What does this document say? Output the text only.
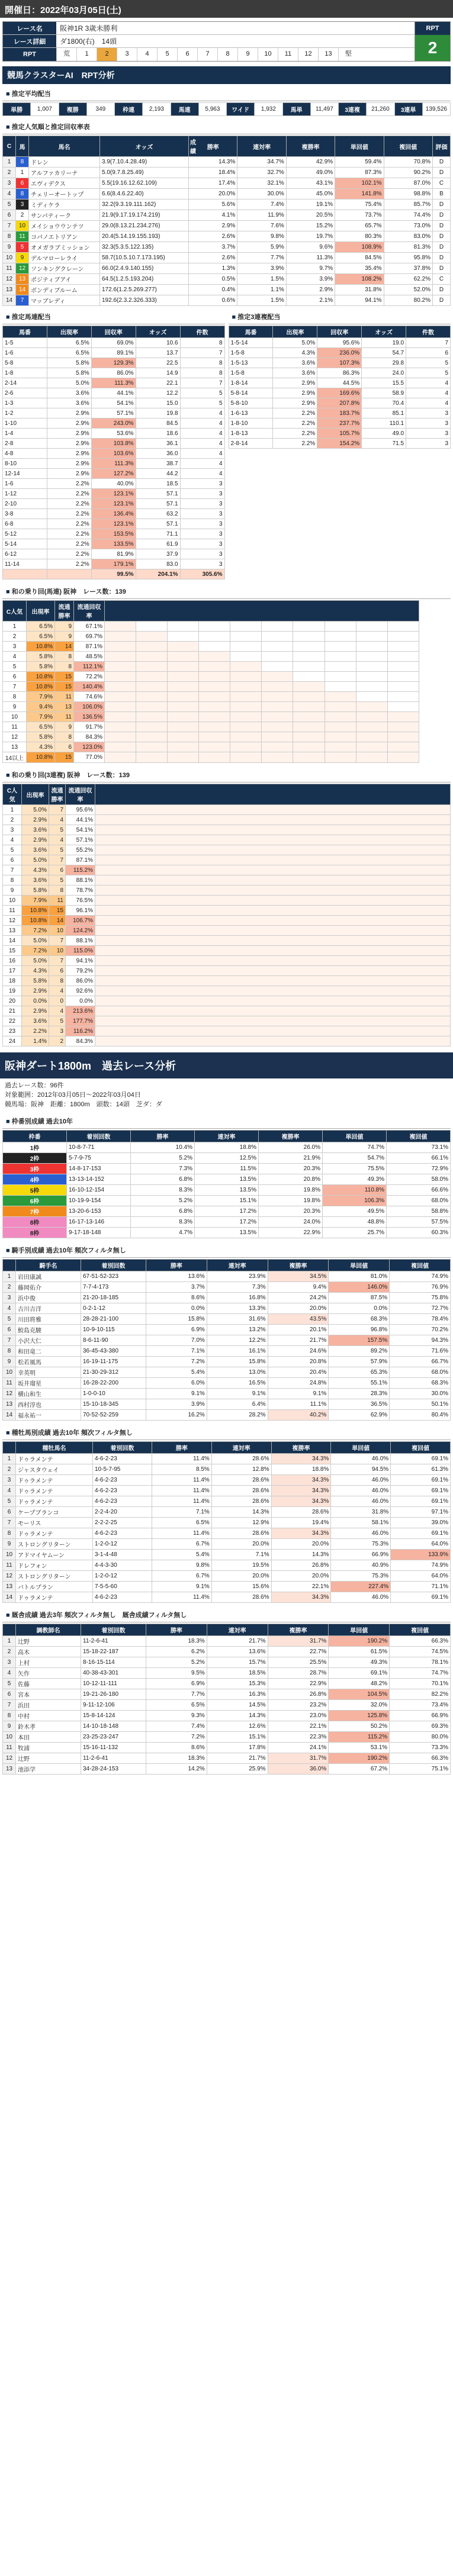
開催日：2022年03月05日(土)
レース名	阪神1R 3歳未勝利
レース詳細	ダ1800(右)　14頭
RPT	荒	1	2	3	4	5	6	7	8	9	10	11	12	13	堅
RPT
2
競馬クラスターAI　RPT分析
■ 推定平均配当
単勝	1,007	複勝	349	枠連	2,193	馬連	5,963	ワイド	1,932	馬単	11,497	3連複	21,260	3連単	139,526
■ 推定人気順と推定回収率表
C	馬	馬名	オッズ		勝率	連対率	複勝率	単回値	複回値	評価
1	8	ドレン	3.9(7.10.4.28.49)		14.3%	34.7%	42.9%	59.4%	70.8%	D
2	1	アルファカリーナ	5.0(9.7.8.25.49)		18.4%	32.7%	49.0%	87.3%	90.2%	D
3	6	エヴィデクス	5.5(19.16.12.62.109)		17.4%	32.1%	43.1%	102.1%	87.0%	C
4	8	チェリーオートップ	6.6(8.4.6.22.40)		20.0%	30.0%	45.0%	141.8%	98.8%	B
5	3	ミディケラ	32.2(9.3.19.111.162)		5.6%	7.4%	19.1%	75.4%	85.7%	D
6	2	サンパティーク	21.9(9.17.19.174.219)		4.1%	11.9%	20.5%	73.7%	74.4%	D
7	10	メイショウウンテツ	29.0(8.13.21.234.276)		2.9%	7.6%	15.2%	65.7%	73.0%	D
8	11	コパノエトリアン	20.4(5.14.19.155.193)		2.6%	9.8%	19.7%	80.3%	83.0%	D
9	5	オメガラブミッション	32.3(5.3.5.122.135)		3.7%	5.9%	9.6%	108.9%	81.3%	D
10	9	デルマローレライ	58.7(10.5.10.7.173.195)		2.6%	7.7%	11.3%	84.5%	95.8%	D
11	12	ソンキングクレーン	66.0(2.4.9.140.155)		1.3%	3.9%	9.7%	35.4%	37.8%	D
12	13	ポジティブアイ	64.5(1.2.5.193.204)		0.5%	1.5%	3.9%	108.2%	62.2%	C
13	14	ボンディブルーム	172.6(1.2.5.269.277)		0.4%	1.1%	2.9%	31.8%	52.0%	D
14	7	マッブレディ	192.6(2.3.2.326.333)		0.6%	1.5%	2.1%	94.1%	80.2%	D
■ 推定馬連配当
馬番	出現率	回収率	オッズ	件数
1-5	6.5%	69.0%	10.6	8
1-6	6.5%	89.1%	13.7	7
5-8	5.8%	129.3%	22.5	8
1-8	5.8%	86.0%	14.9	8
2-14	5.0%	111.3%	22.1	7
2-6	3.6%	44.1%	12.2	5
1-3	3.6%	54.1%	15.0	5
1-2	2.9%	57.1%	19.8	4
1-10	2.9%	243.0%	84.5	4
1-4	2.9%	53.6%	18.6	4
2-8	2.9%	103.8%	36.1	4
4-8	2.9%	103.6%	36.0	4
8-10	2.9%	111.3%	38.7	4
12-14	2.9%	127.2%	44.2	4
1-6	2.2%	40.0%	18.5	3
1-12	2.2%	123.1%	57.1	3
2-10	2.2%	123.1%	57.1	3
3-8	2.2%	136.4%	63.2	3
6-8	2.2%	123.1%	57.1	3
5-12	2.2%	153.5%	71.1	3
5-14	2.2%	133.5%	61.9	3
6-12	2.2%	81.9%	37.9	3
11-14	2.2%	179.1%	83.0	3
		99.5%	204.1%	305.6%
■ 推定3連複配当
馬番	出現率	回収率	オッズ	件数
1-5-14	5.0%	95.6%	19.0	7
1-5-8	4.3%	236.0%	54.7	6
1-5-13	3.6%	107.3%	29.8	5
1-5-8	3.6%	86.3%	24.0	5
1-8-14	2.9%	44.5%	15.5	4
5-8-14	2.9%	169.6%	58.9	4
5-8-10	2.9%	207.8%	70.4	4
1-6-13	2.2%	183.7%	85.1	3
1-8-10	2.2%	237.7%	110.1	3
1-8-13	2.2%	105.7%	49.0	3
2-8-14	2.2%	154.2%	71.5	3
■ 和の乗り回(馬連) 阪神　レース数：139
C人気	出現率	流通勝率	流通回収率										
1	6.5%	9	67.1%										
2	6.5%	9	69.7%										
3	10.8%	14	87.1%										
4	5.8%	8	48.5%										
5	5.8%	8	112.1%										
6	10.8%	15	72.2%										
7	10.8%	15	140.4%										
8	7.9%	11	74.6%										
9	9.4%	13	106.0%										
10	7.9%	11	136.5%										
11	6.5%	9	91.7%										
12	5.8%	8	84.3%										
13	4.3%	6	123.0%										
14以上	10.8%	15	77.0%										
■ 和の乗り回(3連複) 阪神　レース数：139
C人気	出現率	流通勝率	流通回収率	
1	5.0%	7	95.6%	
2	2.9%	4	44.1%	
3	3.6%	5	54.1%	
4	2.9%	4	57.1%	
5	3.6%	5	55.2%	
6	5.0%	7	87.1%	
7	4.3%	6	115.2%	
8	3.6%	5	88.1%	
9	5.8%	8	78.7%	
10	7.9%	11	76.5%	
11	10.8%	15	96.1%	
12	10.8%	14	106.7%	
13	7.2%	10	124.2%	
14	5.0%	7	88.1%	
15	7.2%	10	115.0%	
16	5.0%	7	94.1%	
17	4.3%	6	79.2%	
18	5.8%	8	86.0%	
19	2.9%	4	92.6%	
20	0.0%	0	0.0%	
21	2.9%	4	213.6%	
22	3.6%	5	177.7%	
23	2.2%	3	116.2%	
24	1.4%	2	84.3%	
阪神ダート1800m　過去レース分析
過去レース数：96件
対象範囲：2012年03月05日〜2022年03月04日
競馬場：阪神　距離：1800m　頭数：14頭　芝ダ：ダ
■ 枠番別成績 過去10年
枠番	着別回数	勝率	連対率	複勝率	単回値	複回値
1枠	10-8-7-71	10.4%	18.8%	26.0%	74.7%	73.1%
2枠	5-7-9-75	5.2%	12.5%	21.9%	54.7%	66.1%
3枠	14-8-17-153	7.3%	11.5%	20.3%	75.5%	72.9%
4枠	13-13-14-152	6.8%	13.5%	20.8%	49.3%	58.0%
5枠	16-10-12-154	8.3%	13.5%	19.8%	110.8%	66.6%
6枠	10-19-9-154	5.2%	15.1%	19.8%	106.3%	68.0%
7枠	13-20-6-153	6.8%	17.2%	20.3%	49.5%	58.8%
8枠	16-17-13-146	8.3%	17.2%	24.0%	48.8%	57.5%
8枠	9-17-18-148	4.7%	13.5%	22.9%	25.7%	60.3%
■ 騎手別成績 過去10年 頻次フィルタ無し
	騎手名	着別回数	勝率	連対率	複勝率	単回値	複回値
1	岩田康誠	67-51-52-323	13.6%	23.9%	34.5%	81.0%	74.9%
2	藤岡佑介	7-7-4-173	3.7%	7.3%	9.4%	146.0%	76.9%
3	浜中俊	21-20-18-185	8.6%	16.8%	24.2%	87.5%	75.8%
4	古川吉洋	0-2-1-12	0.0%	13.3%	20.0%	0.0%	72.7%
5	川田将雅	28-28-21-100	15.8%	31.6%	43.5%	68.3%	78.4%
6	鮫島克駿	10-9-10-115	6.9%	13.2%	20.1%	96.8%	70.2%
7	小沢大仁	8-6-11-90	7.0%	12.2%	21.7%	157.5%	94.3%
8	和田竜二	36-45-43-380	7.1%	16.1%	24.6%	89.2%	71.6%
9	松若風馬	16-19-11-175	7.2%	15.8%	20.8%	57.9%	66.7%
10	幸英明	21-30-29-312	5.4%	13.0%	20.4%	65.3%	68.0%
11	坂井瑠星	16-28-22-200	6.0%	16.5%	24.8%	55.1%	68.3%
12	横山和生	1-0-0-10	9.1%	9.1%	9.1%	28.3%	30.0%
13	西村淳也	15-10-18-345	3.9%	6.4%	11.1%	36.5%	50.1%
14	福永祐一	70-52-52-259	16.2%	28.2%	40.2%	62.9%	80.4%
■ 種牡馬別成績 過去10年 頻次フィルタ無し
	種牡馬名	着別回数	勝率	連対率	複勝率	単回値	複回値
1	ドゥラメンテ	4-6-2-23	11.4%	28.6%	34.3%	46.0%	69.1%
2	ジャスタウェイ	10-5-7-95	8.5%	12.8%	18.8%	94.5%	61.3%
3	ドゥラメンテ	4-6-2-23	11.4%	28.6%	34.3%	46.0%	69.1%
4	ドゥラメンテ	4-6-2-23	11.4%	28.6%	34.3%	46.0%	69.1%
5	ドゥラメンテ	4-6-2-23	11.4%	28.6%	34.3%	46.0%	69.1%
6	ケープブランコ	2-2-4-20	7.1%	14.3%	28.6%	31.8%	97.1%
7	モーリス	2-2-2-25	6.5%	12.9%	19.4%	58.1%	39.0%
8	ドゥラメンテ	4-6-2-23	11.4%	28.6%	34.3%	46.0%	69.1%
9	ストロングリターン	1-2-0-12	6.7%	20.0%	20.0%	75.3%	64.0%
10	アドマイヤムーン	3-1-4-48	5.4%	7.1%	14.3%	66.9%	133.9%
11	ドレフォン	4-4-3-30	9.8%	19.5%	26.8%	40.9%	74.9%
12	ストロングリターン	1-2-0-12	6.7%	20.0%	20.0%	75.3%	64.0%
13	バトルプラン	7-5-5-60	9.1%	15.6%	22.1%	227.4%	71.1%
14	ドゥラメンテ	4-6-2-23	11.4%	28.6%	34.3%	46.0%	69.1%
■ 厩舎成績 過去3年 頻次フィルタ無し　厩舎成績フィルタ無し
	調教師名	着別回数	勝率	連対率	複勝率	単回値	複回値
1	辻野	11-2-6-41	18.3%	21.7%	31.7%	190.2%	66.3%
2	高木	15-18-22-187	6.2%	13.6%	22.7%	61.5%	74.5%
3	上村	8-16-15-114	5.2%	15.7%	25.5%	49.3%	78.1%
4	矢作	40-38-43-301	9.5%	18.5%	28.7%	69.1%	74.7%
5	佐藤	10-12-11-111	6.9%	15.3%	22.9%	48.2%	70.1%
6	宮本	19-21-26-180	7.7%	16.3%	26.8%	104.5%	82.2%
7	浜田	9-11-12-106	6.5%	14.5%	23.2%	32.0%	73.4%
8	中村	15-8-14-124	9.3%	14.3%	23.0%	125.8%	66.9%
9	鈴木孝	14-10-18-148	7.4%	12.6%	22.1%	50.2%	69.3%
10	本田	23-25-23-247	7.2%	15.1%	22.3%	115.2%	80.0%
11	牧浦	15-16-11-132	8.6%	17.8%	24.1%	53.1%	73.3%
12	辻野	11-2-6-41	18.3%	21.7%	31.7%	190.2%	66.3%
13	池添学	34-28-24-153	14.2%	25.9%	36.0%	67.2%	75.1%
